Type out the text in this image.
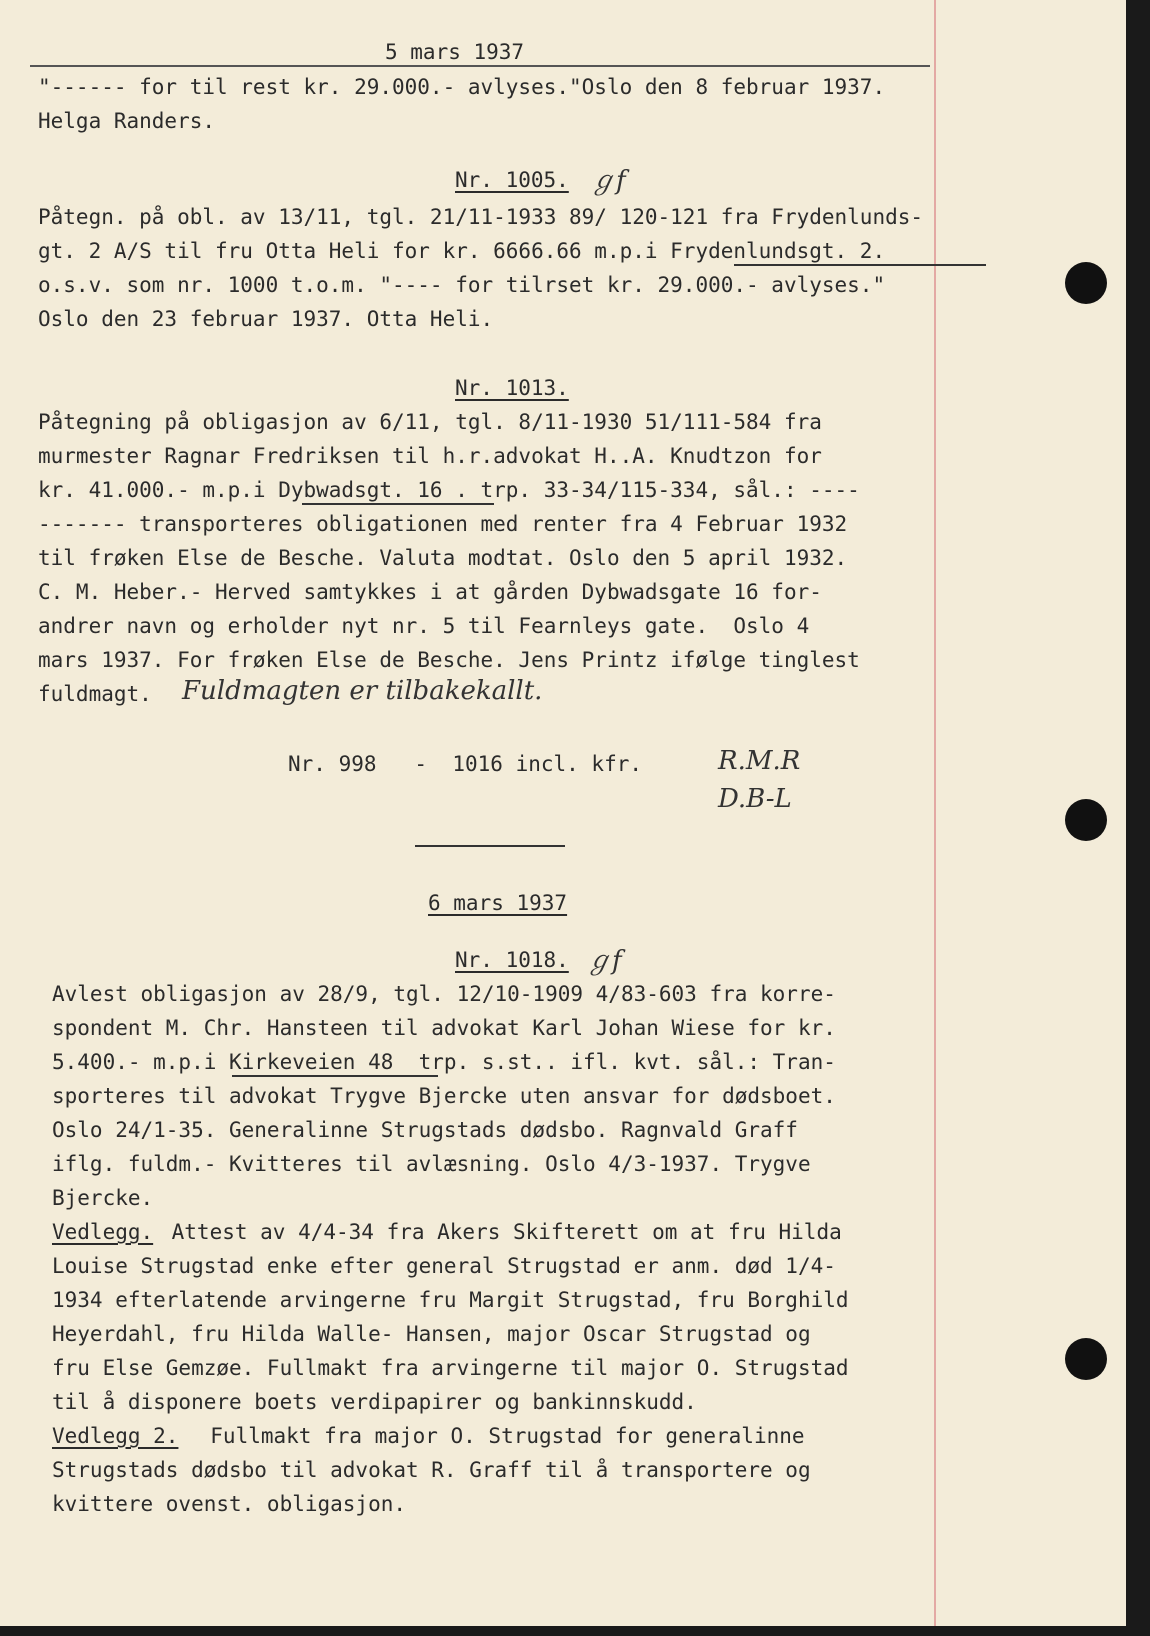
5 mars 1937
"------ for til rest kr. 29.000.- avlyses."Oslo den 8 februar 1937.
Helga Randers.
Nr. 1005. ℊf
Påtegn. på obl. av 13/11, tgl. 21/11-1933 89/ 120-121 fra Frydenlunds-
gt. 2 A/S til fru Otta Heli for kr. 6666.66 m.p.i Frydenlundsgt. 2.
o.s.v. som nr. 1000 t.o.m. "---- for tilrset kr. 29.000.- avlyses."
Oslo den 23 februar 1937. Otta Heli.
Nr. 1013.
Påtegning på obligasjon av 6/11, tgl. 8/11-1930 51/111-584 fra
murmester Ragnar Fredriksen til h.r.advokat H..A. Knudtzon for
kr. 41.000.- m.p.i Dybwadsgt. 16 . trp. 33-34/115-334, sål.: ----
------- transporteres obligationen med renter fra 4 Februar 1932
til frøken Else de Besche. Valuta modtat. Oslo den 5 april 1932.
C. M. Heber.- Herved samtykkes i at gården Dybwadsgate 16 for-
andrer navn og erholder nyt nr. 5 til Fearnleys gate.  Oslo 4
mars 1937. For frøken Else de Besche. Jens Printz ifølge tinglest
fuldmagt. Fuldmagten er tilbakekallt.
Nr. 998   -  1016 incl. kfr.	R.M.R
D.B-L
6 mars 1937
Nr. 1018. ℊf
Avlest obligasjon av 28/9, tgl. 12/10-1909 4/83-603 fra korre-
spondent M. Chr. Hansteen til advokat Karl Johan Wiese for kr.
5.400.- m.p.i Kirkeveien 48  trp. s.st.. ifl. kvt. sål.: Tran-
sporteres til advokat Trygve Bjercke uten ansvar for dødsboet.
Oslo 24/1-35. Generalinne Strugstads dødsbo. Ragnvald Graff
iflg. fuldm.- Kvitteres til avlæsning. Oslo 4/3-1937. Trygve
Bjercke.
Vedlegg. Attest av 4/4-34 fra Akers Skifterett om at fru Hilda
Louise Strugstad enke efter general Strugstad er anm. død 1/4-
1934 efterlatende arvingerne fru Margit Strugstad, fru Borghild
Heyerdahl, fru Hilda Walle- Hansen, major Oscar Strugstad og
fru Else Gemzøe. Fullmakt fra arvingerne til major O. Strugstad
til å disponere boets verdipapirer og bankinnskudd.
Vedlegg 2. Fullmakt fra major O. Strugstad for generalinne
Strugstads dødsbo til advokat R. Graff til å transportere og
kvittere ovenst. obligasjon.
